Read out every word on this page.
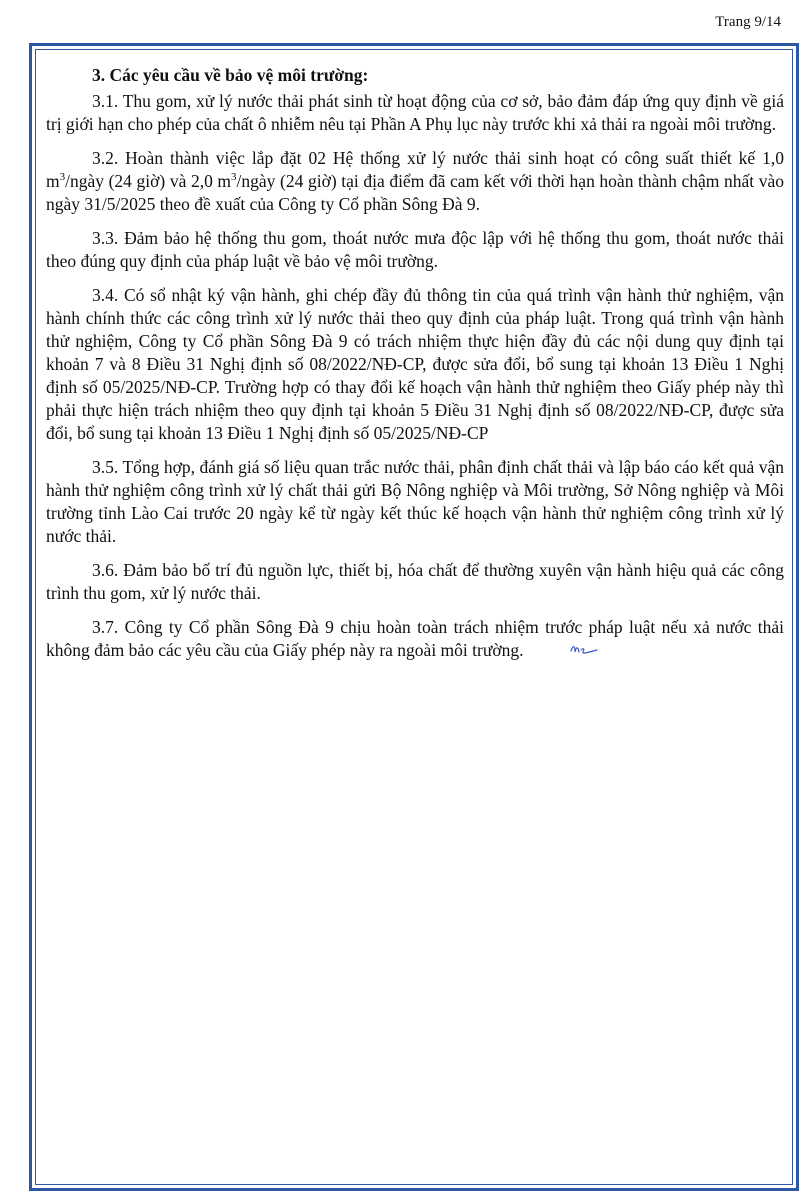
Trang 9/14

3. Các yêu cầu về bảo vệ môi trường:

3.1. Thu gom, xử lý nước thải phát sinh từ hoạt động của cơ sở, bảo đảm đáp ứng quy định về giá trị giới hạn cho phép của chất ô nhiễm nêu tại Phần A Phụ lục này trước khi xả thải ra ngoài môi trường.

3.2. Hoàn thành việc lắp đặt 02 Hệ thống xử lý nước thải sinh hoạt có công suất thiết kế 1,0 $m^3$/ngày (24 giờ) và 2,0 $m^3$/ngày (24 giờ) tại địa điểm đã cam kết với thời hạn hoàn thành chậm nhất vào ngày 31/5/2025 theo đề xuất của Công ty Cổ phần Sông Đà 9.

3.3. Đảm bảo hệ thống thu gom, thoát nước mưa độc lập với hệ thống thu gom, thoát nước thải theo đúng quy định của pháp luật về bảo vệ môi trường.

3.4. Có sổ nhật ký vận hành, ghi chép đầy đủ thông tin của quá trình vận hành thử nghiệm, vận hành chính thức các công trình xử lý nước thải theo quy định của pháp luật. Trong quá trình vận hành thử nghiệm, Công ty Cổ phần Sông Đà 9 có trách nhiệm thực hiện đầy đủ các nội dung quy định tại khoản 7 và 8 Điều 31 Nghị định số 08/2022/NĐ-CP, được sửa đổi, bổ sung tại khoản 13 Điều 1 Nghị định số 05/2025/NĐ-CP. Trường hợp có thay đổi kế hoạch vận hành thử nghiệm theo Giấy phép này thì phải thực hiện trách nhiệm theo quy định tại khoản 5 Điều 31 Nghị định số 08/2022/NĐ-CP, được sửa đổi, bổ sung tại khoản 13 Điều 1 Nghị định số 05/2025/NĐ-CP

3.5. Tổng hợp, đánh giá số liệu quan trắc nước thải, phân định chất thải và lập báo cáo kết quả vận hành thử nghiệm công trình xử lý chất thải gửi Bộ Nông nghiệp và Môi trường, Sở Nông nghiệp và Môi trường tỉnh Lào Cai trước 20 ngày kể từ ngày kết thúc kế hoạch vận hành thử nghiệm công trình xử lý nước thải.

3.6. Đảm bảo bố trí đủ nguồn lực, thiết bị, hóa chất để thường xuyên vận hành hiệu quả các công trình thu gom, xử lý nước thải.

3.7. Công ty Cổ phần Sông Đà 9 chịu hoàn toàn trách nhiệm trước pháp luật nếu xả nước thải không đảm bảo các yêu cầu của Giấy phép này ra ngoài môi trường.
